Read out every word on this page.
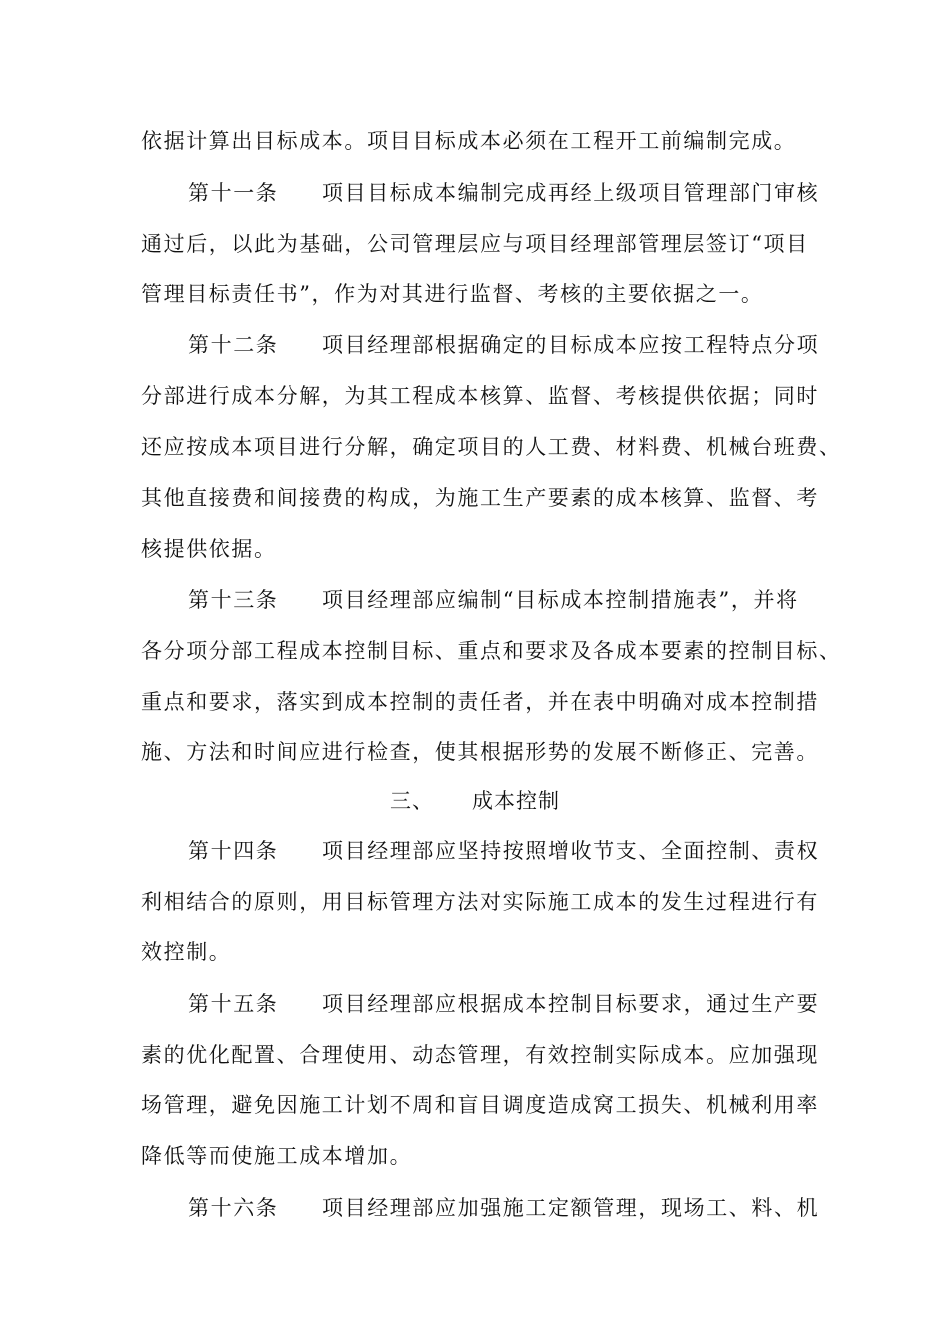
依据计算出目标成本。项目目标成本必须在工程开工前编制完成。
第十一条 项目目标成本编制完成再经上级项目管理部门审核
通过后，以此为基础，公司管理层应与项目经理部管理层签订“项目
管理目标责任书”，作为对其进行监督、考核的主要依据之一。
第十二条 项目经理部根据确定的目标成本应按工程特点分项
分部进行成本分解，为其工程成本核算、监督、考核提供依据；同时
还应按成本项目进行分解，确定项目的人工费、材料费、机械台班费、
其他直接费和间接费的构成，为施工生产要素的成本核算、监督、考
核提供依据。
第十三条 项目经理部应编制“目标成本控制措施表”，并将
各分项分部工程成本控制目标、重点和要求及各成本要素的控制目标、
重点和要求，落实到成本控制的责任者，并在表中明确对成本控制措
施、方法和时间应进行检查，使其根据形势的发展不断修正、完善。
三、 成本控制
第十四条 项目经理部应坚持按照增收节支、全面控制、责权
利相结合的原则，用目标管理方法对实际施工成本的发生过程进行有
效控制。
第十五条 项目经理部应根据成本控制目标要求，通过生产要
素的优化配置、合理使用、动态管理，有效控制实际成本。应加强现
场管理，避免因施工计划不周和盲目调度造成窝工损失、机械利用率
降低等而使施工成本增加。
第十六条 项目经理部应加强施工定额管理，现场工、料、机
